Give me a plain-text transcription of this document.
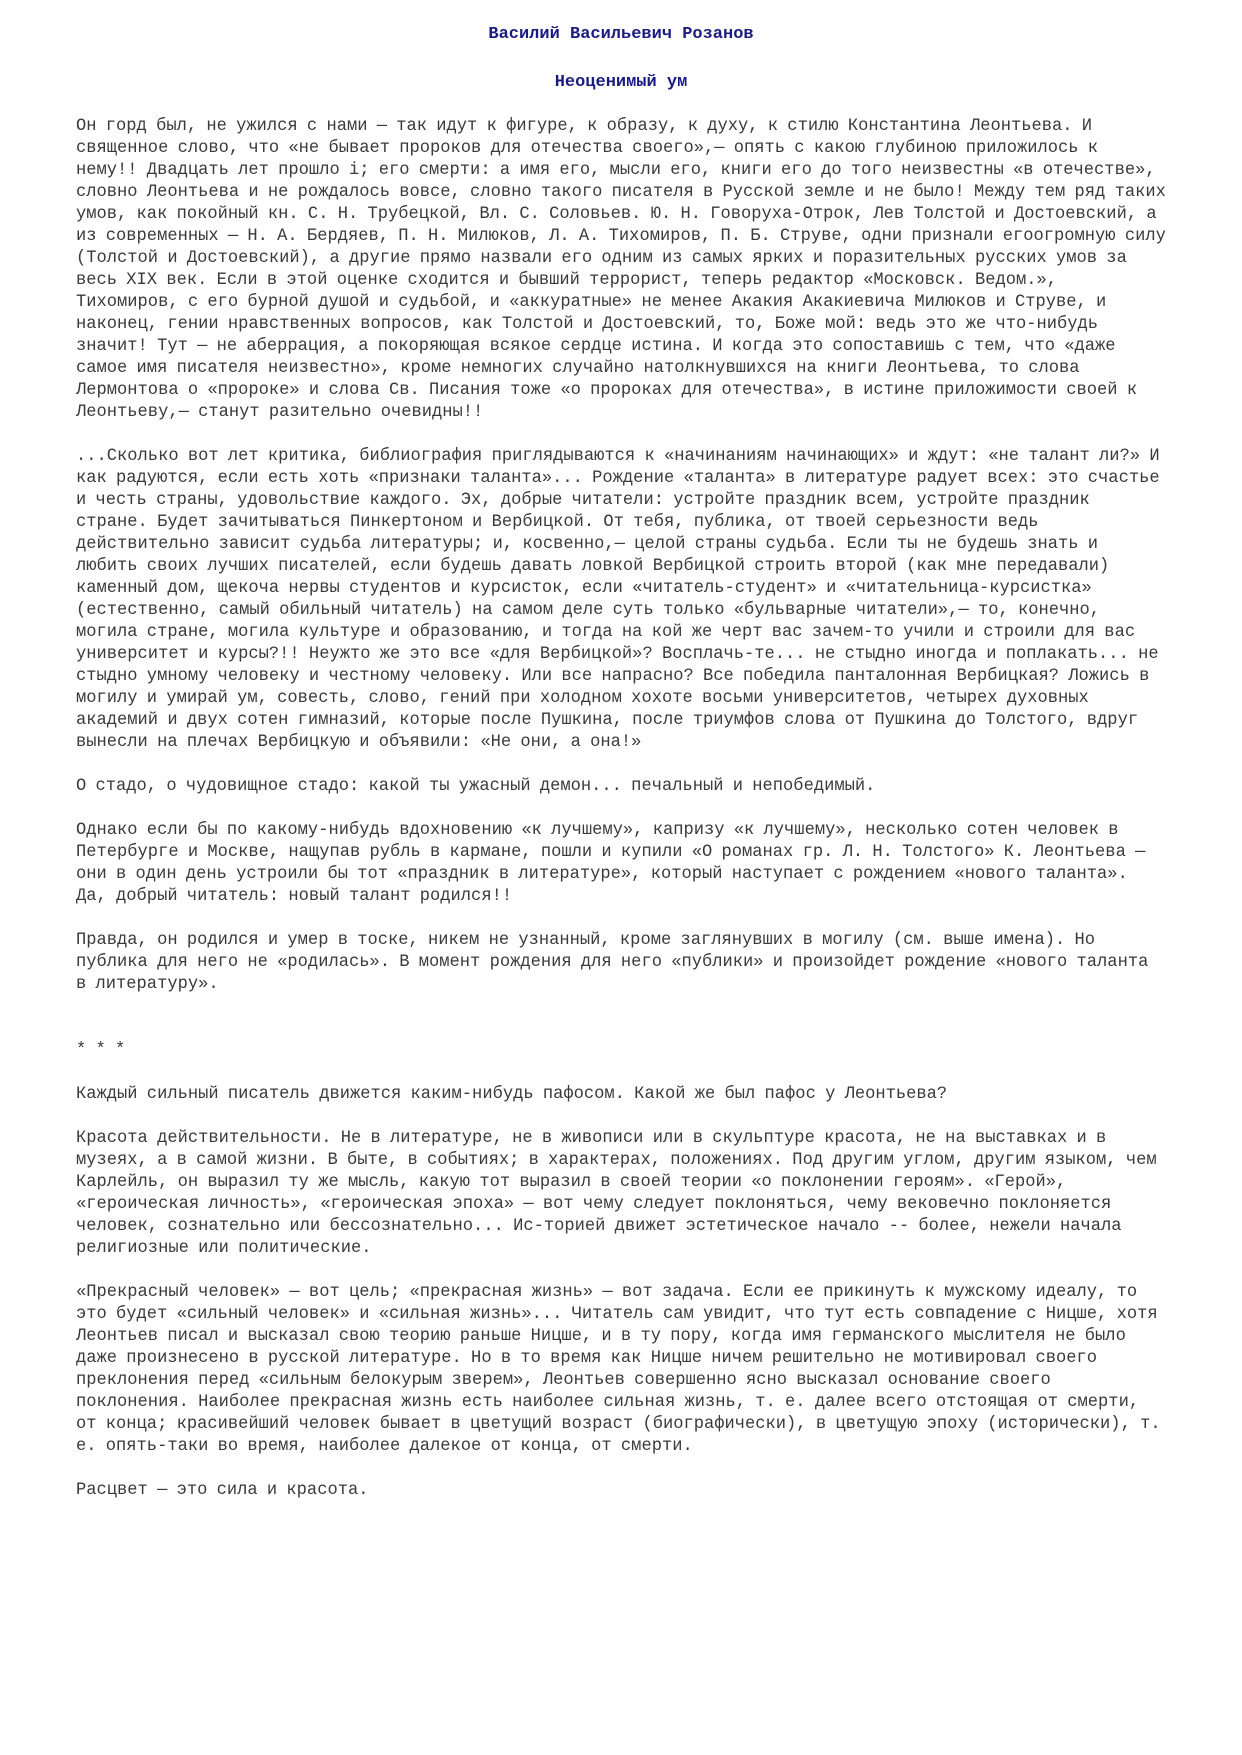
Василий Васильевич Розанов

Неоценимый ум

Он горд был, не ужился с нами — так идут к фигуре, к образу, к духу, к стилю Константина Леонтьева. И священное слово, что «не бывает пророков для отечества своего»,— опять с какою глубиною приложилось к нему!! Двадцать лет прошло і; его смерти: а имя его, мысли его, книги его до того неизвестны «в отечестве», словно Леонтьева и не рождалось вовсе, словно такого писателя в Русской земле и не было! Между тем ряд таких умов, как покойный кн. С. Н. Трубецкой, Вл. С. Соловьев. Ю. Н. Говоруха-Отрок, Лев Толстой и Достоевский, а из современных — Н. А. Бердяев, П. Н. Милюков, Л. А. Тихомиров, П. Б. Струве, одни признали егоогромную силу (Толстой и Достоевский), а другие прямо назвали его одним из самых ярких и поразительных русских умов за весь XIX век. Если в этой оценке сходится и бывший террорист, теперь редактор «Московск. Ведом.», Тихомиров, с его бурной душой и судьбой, и «аккуратные» не менее Акакия Акакиевича Милюков и Струве, и наконец, гении нравственных вопросов, как Толстой и Достоевский, то, Боже мой: ведь это же что-нибудь значит! Тут — не аберрация, а покоряющая всякое сердце истина. И когда это сопоставишь с тем, что «даже самое имя писателя неизвестно», кроме немногих случайно натолкнувшихся на книги Леонтьева, то слова Лермонтова о «пророке» и слова Св. Писания тоже «о пророках для отечества», в истине приложимости своей к Леонтьеву,— станут разительно очевидны!!

...Сколько вот лет критика, библиография приглядываются к «начинаниям начинающих» и ждут: «не талант ли?» И как радуются, если есть хоть «признаки таланта»... Рождение «таланта» в литературе радует всех: это счастье и честь страны, удовольствие каждого. Эх, добрые читатели: устройте праздник всем, устройте праздник стране. Будет зачитываться Пинкертоном и Вербицкой. От тебя, публика, от твоей серьезности ведь действительно зависит судьба литературы; и, косвенно,— целой страны судьба. Если ты не будешь знать и любить своих лучших писателей, если будешь давать ловкой Вербицкой строить второй (как мне передавали) каменный дом, щекоча нервы студентов и курсисток, если «читатель-студент» и «читательница-курсистка» (естественно, самый обильный читатель) на самом деле суть только «бульварные читатели»,— то, конечно, могила стране, могила культуре и образованию, и тогда на кой же черт вас зачем-то учили и строили для вас университет и курсы?!! Неужто же это все «для Вербицкой»? Восплачь-те... не стыдно иногда и поплакать... не стыдно умному человеку и честному человеку. Или все напрасно? Все победила панталонная Вербицкая? Ложись в могилу и умирай ум, совесть, слово, гений при холодном хохоте восьми университетов, четырех духовных академий и двух сотен гимназий, которые после Пушкина, после триумфов слова от Пушкина до Толстого, вдруг вынесли на плечах Вербицкую и объявили: «Не они, а она!»

О стадо, о чудовищное стадо: какой ты ужасный демон... печальный и непобедимый.

Однако если бы по какому-нибудь вдохновению «к лучшему», капризу «к лучшему», несколько сотен человек в Петербурге и Москве, нащупав рубль в кармане, пошли и купили «О романах гр. Л. Н. Толстого» К. Леонтьева — они в один день устроили бы тот «праздник в литературе», который наступает с рождением «нового таланта». Да, добрый читатель: новый талант родился!!

Правда, он родился и умер в тоске, никем не узнанный, кроме заглянувших в могилу (см. выше имена). Но публика для него не «родилась». В момент рождения для него «публики» и произойдет рождение «нового таланта в литературу».

* * *

Каждый сильный писатель движется каким-нибудь пафосом. Какой же был пафос у Леонтьева?

Красота действительности. Не в литературе, не в живописи или в скульптуре красота, не на выставках и в музеях, а в самой жизни. В быте, в событиях; в характерах, положениях. Под другим углом, другим языком, чем Карлейль, он выразил ту же мысль, какую тот выразил в своей теории «о поклонении героям». «Герой», «героическая личность», «героическая эпоха» — вот чему следует поклоняться, чему вековечно поклоняется человек, сознательно или бессознательно... Ис-торией движет эстетическое начало -- более, нежели начала религиозные или политические.

«Прекрасный человек» — вот цель; «прекрасная жизнь» — вот задача. Если ее прикинуть к мужскому идеалу, то это будет «сильный человек» и «сильная жизнь»... Читатель сам увидит, что тут есть совпадение с Ницше, хотя Леонтьев писал и высказал свою теорию раньше Ницше, и в ту пору, когда имя германского мыслителя не было даже произнесено в русской литературе. Но в то время как Ницше ничем решительно не мотивировал своего преклонения перед «сильным белокурым зверем», Леонтьев совершенно ясно высказал основание своего поклонения. Наиболее прекрасная жизнь есть наиболее сильная жизнь, т. е. далее всего отстоящая от смерти, от конца; красивейший человек бывает в цветущий возраст (биографически), в цветущую эпоху (исторически), т. е. опять-таки во время, наиболее далекое от конца, от смерти.

Расцвет — это сила и красота.
